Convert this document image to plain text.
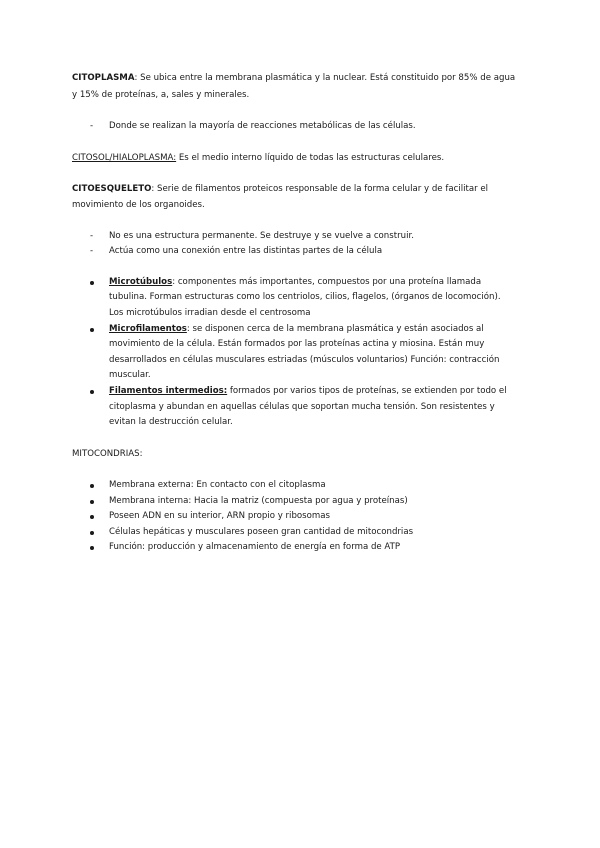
CITOPLASMA: Se ubica entre la membrana plasmática y la nuclear. Está constituido por 85% de agua
y 15% de proteínas, a, sales y minerales.
- Donde se realizan la mayoría de reacciones metabólicas de las células.
CITOSOL/HIALOPLASMA: Es el medio interno líquido de todas las estructuras celulares.
CITOESQUELETO: Serie de filamentos proteicos responsable de la forma celular y de facilitar el
movimiento de los organoides.
- No es una estructura permanente. Se destruye y se vuelve a construir.
- Actúa como una conexión entre las distintas partes de la célula
Microtúbulos: componentes más importantes, compuestos por una proteína llamada
tubulina. Forman estructuras como los centriolos, cilios, flagelos, (órganos de locomoción).
Los microtúbulos irradian desde el centrosoma
Microfilamentos: se disponen cerca de la membrana plasmática y están asociados al
movimiento de la célula. Están formados por las proteínas actina y miosina. Están muy
desarrollados en células musculares estriadas (músculos voluntarios) Función: contracción
muscular.
Filamentos intermedios: formados por varios tipos de proteínas, se extienden por todo el
citoplasma y abundan en aquellas células que soportan mucha tensión. Son resistentes y
evitan la destrucción celular.
MITOCONDRIAS:
Membrana externa: En contacto con el citoplasma
Membrana interna: Hacia la matriz (compuesta por agua y proteínas)
Poseen ADN en su interior, ARN propio y ribosomas
Células hepáticas y musculares poseen gran cantidad de mitocondrias
Función: producción y almacenamiento de energía en forma de ATP
